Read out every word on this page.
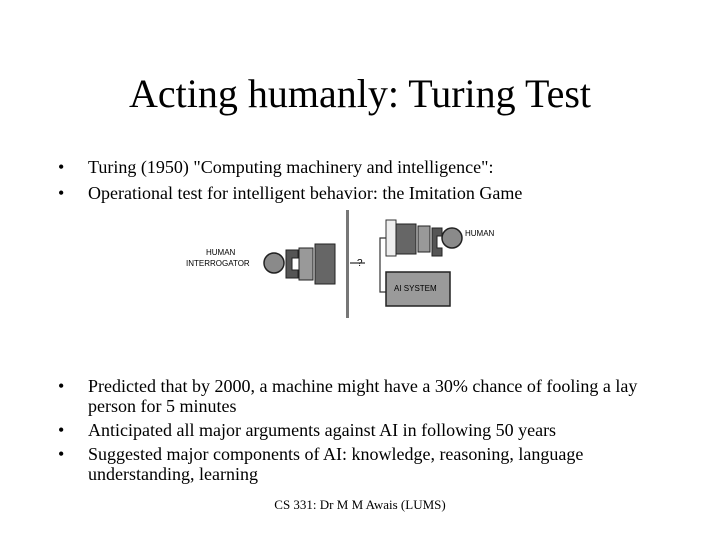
Acting humanly: Turing Test
• Turing (1950) "Computing machinery and intelligence":
• Operational test for intelligent behavior: the Imitation Game
HUMAN
INTERROGATOR	?
HUMAN
AI SYSTEM
• Predicted that by 2000, a machine might have a 30% chance of fooling a lay person for 5 minutes
• Anticipated all major arguments against AI in following 50 years
• Suggested major components of AI: knowledge, reasoning, language understanding, learning
CS 331: Dr M M Awais (LUMS)
